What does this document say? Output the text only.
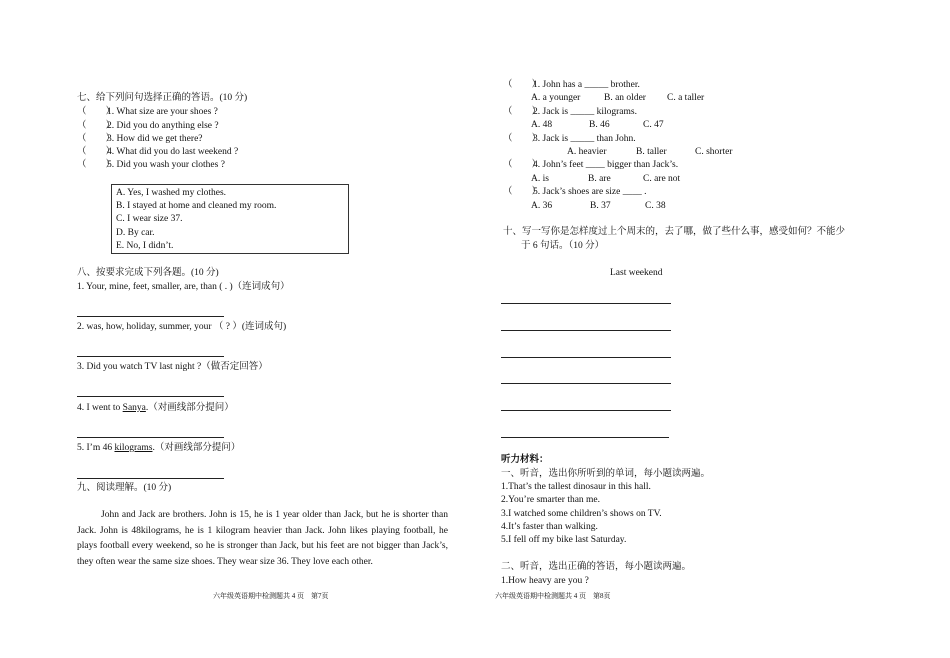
七、给下列问句选择正确的答语。(10 分)
（　　）
1. What size are your shoes ?
（　　）
2. Did you do anything else ?
（　　）
3. How did we get there?
（　　）
4. What did you do last weekend ?
（　　）
5. Did you wash your clothes ?
A. Yes, I washed my clothes.
B. I stayed at home and cleaned my room.
C. I wear size 37.
D. By car.
E. No, I didn’t.
八、按要求完成下列各题。(10 分)
1. Your, mine, feet, smaller, are, than ( . )（连词成句）
2. was, how, holiday, summer, your （ ? ）(连词成句)
3. Did you watch TV last night ?（做否定回答）
4. I went to Sanya.（对画线部分提问）
5. I’m 46 kilograms.（对画线部分提问）
九、阅读理解。(10 分)
John and Jack are brothers. John is 15, he is 1 year older than Jack, but he is shorter than Jack. John is 48kilograms, he is 1 kilogram heavier than Jack. John likes playing football, he plays football every weekend, so he is stronger than Jack, but his feet are not bigger than Jack’s, they often wear the same size shoes. They wear size 36. They love each other.
六年级英语期中检测题共 4 页　第7页
（　　）
1. John has a _____ brother.
A. a younger B. an older C. a taller
（　　）
2. Jack is _____ kilograms.
A. 48	B. 46	C. 47
（　　）
3. Jack is _____ than John.
A. heavier	B. taller	C. shorter
（　　）
4. John’s feet ____ bigger than Jack’s.
A. is	B. are	C. are not
（　　）
5. Jack’s shoes are size ____ .
A. 36	B. 37	C. 38
十、写一写你是怎样度过上个周末的，去了哪，做了些什么事，感受如何？不能少
于 6 句话。（10 分）
Last weekend
听力材料：
一、听音，选出你所听到的单词，每小题读两遍。
1.That’s the tallest dinosaur in this hall.
2.You’re smarter than me.
3.I watched some children’s shows on TV.
4.It’s faster than walking.
5.I fell off my bike last Saturday.
二、听音，选出正确的答语，每小题读两遍。
1.How heavy are you ?
六年级英语期中检测题共 4 页　第8页
